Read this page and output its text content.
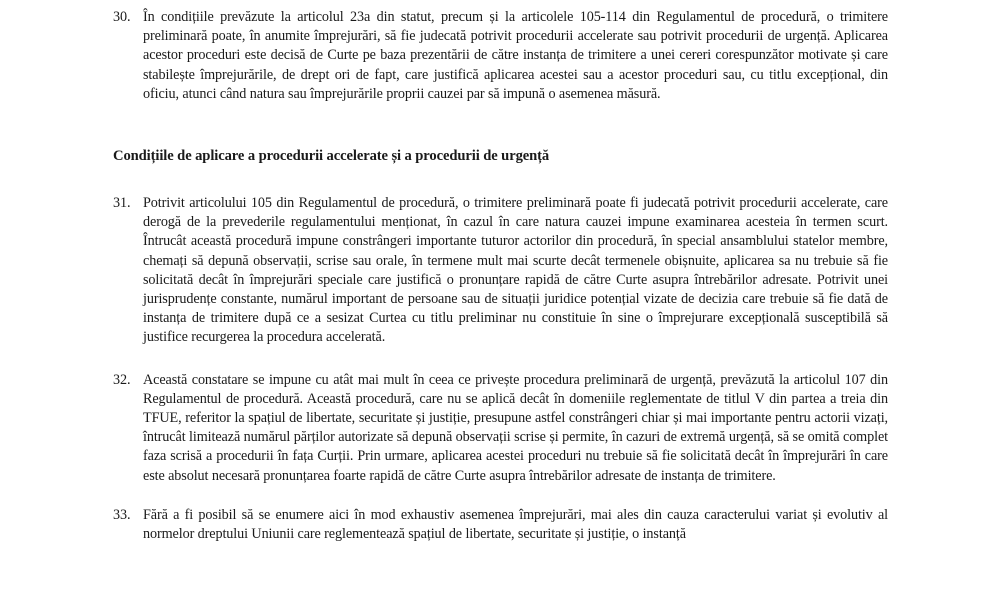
30. În condițiile prevăzute la articolul 23a din statut, precum și la articolele 105-114 din Regulamentul de procedură, o trimitere preliminară poate, în anumite împrejurări, să fie judecată potrivit procedurii accelerate sau potrivit procedurii de urgență. Aplicarea acestor proceduri este decisă de Curte pe baza prezentării de către instanța de trimitere a unei cereri corespunzător motivate și care stabilește împrejurările, de drept ori de fapt, care justifică aplicarea acestei sau a acestor proceduri sau, cu titlu excepțional, din oficiu, atunci când natura sau împrejurările proprii cauzei par să impună o asemenea măsură.

Condițiile de aplicare a procedurii accelerate și a procedurii de urgență
31. Potrivit articolului 105 din Regulamentul de procedură, o trimitere preliminară poate fi judecată potrivit procedurii accelerate, care derogă de la prevederile regulamentului menționat, în cazul în care natura cauzei impune examinarea acesteia în termen scurt. Întrucât această procedură impune constrângeri importante tuturor actorilor din procedură, în special ansamblului statelor membre, chemați să depună observații, scrise sau orale, în termene mult mai scurte decât termenele obișnuite, aplicarea sa nu trebuie să fie solicitată decât în împrejurări speciale care justifică o pronunțare rapidă de către Curte asupra întrebărilor adresate. Potrivit unei jurisprudențe constante, numărul important de persoane sau de situații juridice potențial vizate de decizia care trebuie să fie dată de instanța de trimitere după ce a sesizat Curtea cu titlu preliminar nu constituie în sine o împrejurare excepțională susceptibilă să justifice recurgerea la procedura accelerată.

32. Această constatare se impune cu atât mai mult în ceea ce privește procedura preliminară de urgență, prevăzută la articolul 107 din Regulamentul de procedură. Această procedură, care nu se aplică decât în domeniile reglementate de titlul V din partea a treia din TFUE, referitor la spațiul de libertate, securitate și justiție, presupune astfel constrângeri chiar și mai importante pentru actorii vizați, întrucât limitează numărul părților autorizate să depună observații scrise și permite, în cazuri de extremă urgență, să se omită complet faza scrisă a procedurii în fața Curții. Prin urmare, aplicarea acestei proceduri nu trebuie să fie solicitată decât în împrejurări în care este absolut necesară pronunțarea foarte rapidă de către Curte asupra întrebărilor adresate de instanța de trimitere.

33. Fără a fi posibil să se enumere aici în mod exhaustiv asemenea împrejurări, mai ales din cauza caracterului variat și evolutiv al normelor dreptului Uniunii care reglementează spațiul de libertate, securitate și justiție, o instanță
